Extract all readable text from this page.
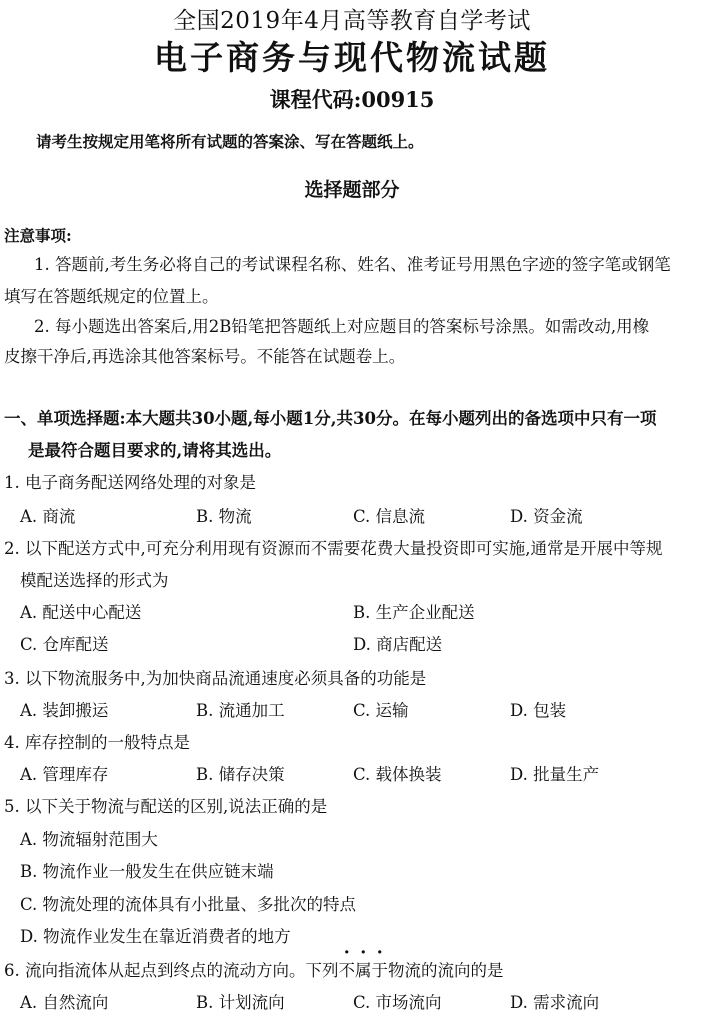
全国2019年4月高等教育自学考试
电子商务与现代物流试题
课程代码:00915
请考生按规定用笔将所有试题的答案涂、写在答题纸上。
选择题部分
注意事项:
1. 答题前,考生务必将自己的考试课程名称、姓名、准考证号用黑色字迹的签字笔或钢笔
填写在答题纸规定的位置上。
2. 每小题选出答案后,用2B铅笔把答题纸上对应题目的答案标号涂黑。如需改动,用橡
皮擦干净后,再选涂其他答案标号。不能答在试题卷上。
一、单项选择题:本大题共30小题,每小题1分,共30分。在每小题列出的备选项中只有一项
是最符合题目要求的,请将其选出。
1. 电子商务配送网络处理的对象是
A. 商流	B. 物流	C. 信息流	D. 资金流
2. 以下配送方式中,可充分利用现有资源而不需要花费大量投资即可实施,通常是开展中等规
模配送选择的形式为
A. 配送中心配送	B. 生产企业配送
C. 仓库配送	D. 商店配送
3. 以下物流服务中,为加快商品流通速度必须具备的功能是
A. 装卸搬运	B. 流通加工	C. 运输	D. 包装
4. 库存控制的一般特点是
A. 管理库存	B. 储存决策	C. 载体换装	D. 批量生产
5. 以下关于物流与配送的区别,说法正确的是
A. 物流辐射范围大
B. 物流作业一般发生在供应链末端
C. 物流处理的流体具有小批量、多批次的特点
D. 物流作业发生在靠近消费者的地方
6. 流向指流体从起点到终点的流动方向。下列不属于物流的流向的是
A. 自然流向	B. 计划流向	C. 市场流向	D. 需求流向
